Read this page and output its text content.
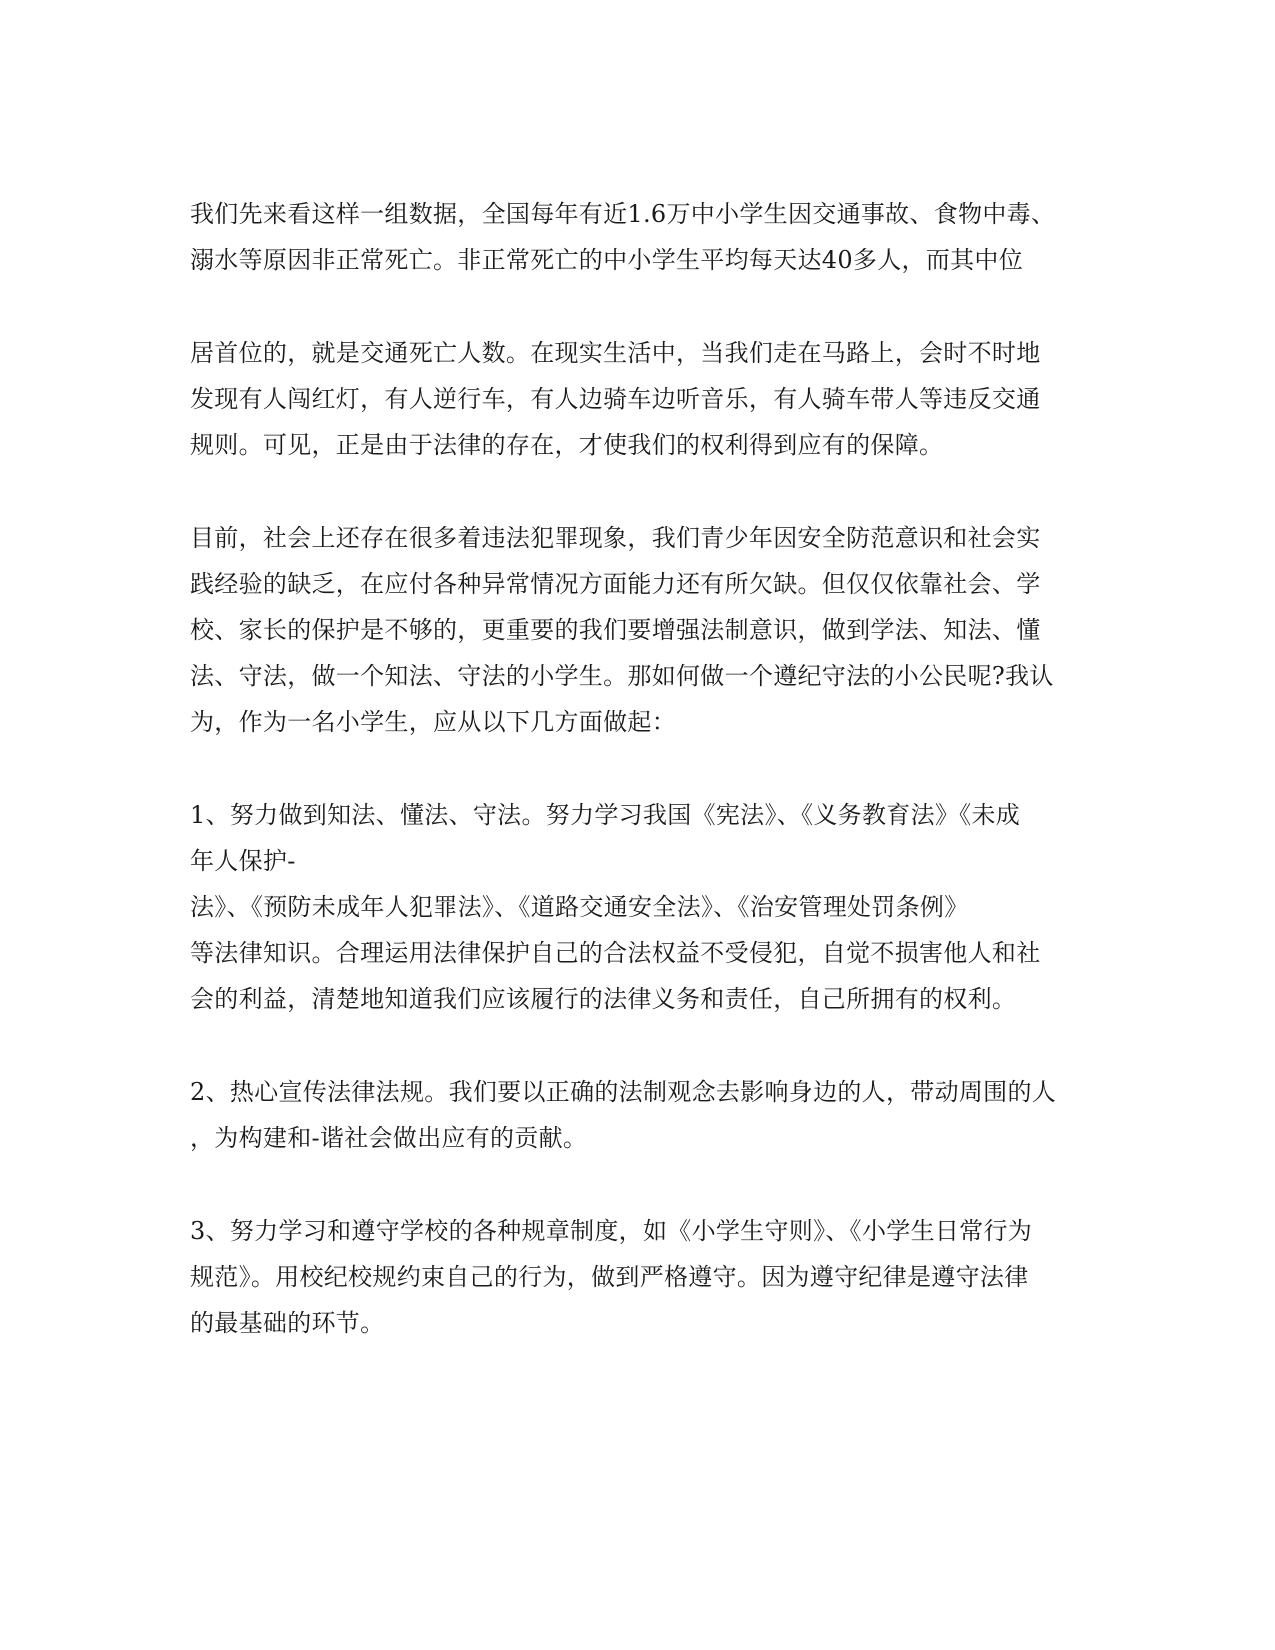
我们先来看这样一组数据，全国每年有近1.6万中小学生因交通事故、食物中毒、
溺水等原因非正常死亡。非正常死亡的中小学生平均每天达40多人，而其中位
居首位的，就是交通死亡人数。在现实生活中，当我们走在马路上，会时不时地
发现有人闯红灯，有人逆行车，有人边骑车边听音乐，有人骑车带人等违反交通
规则。可见，正是由于法律的存在，才使我们的权利得到应有的保障。
目前，社会上还存在很多着违法犯罪现象，我们青少年因安全防范意识和社会实
践经验的缺乏，在应付各种异常情况方面能力还有所欠缺。但仅仅依靠社会、学
校、家长的保护是不够的，更重要的我们要增强法制意识，做到学法、知法、懂
法、守法，做一个知法、守法的小学生。那如何做一个遵纪守法的小公民呢?我认
为，作为一名小学生，应从以下几方面做起：
1、努力做到知法、懂法、守法。努力学习我国《宪法》、《义务教育法》《未成
年人保护-
法》、《预防未成年人犯罪法》、《道路交通安全法》、《治安管理处罚条例》
等法律知识。合理运用法律保护自己的合法权益不受侵犯，自觉不损害他人和社
会的利益，清楚地知道我们应该履行的法律义务和责任，自己所拥有的权利。
2、热心宣传法律法规。我们要以正确的法制观念去影响身边的人，带动周围的人
，为构建和-谐社会做出应有的贡献。
3、努力学习和遵守学校的各种规章制度，如《小学生守则》、《小学生日常行为
规范》。用校纪校规约束自己的行为，做到严格遵守。因为遵守纪律是遵守法律
的最基础的环节。
